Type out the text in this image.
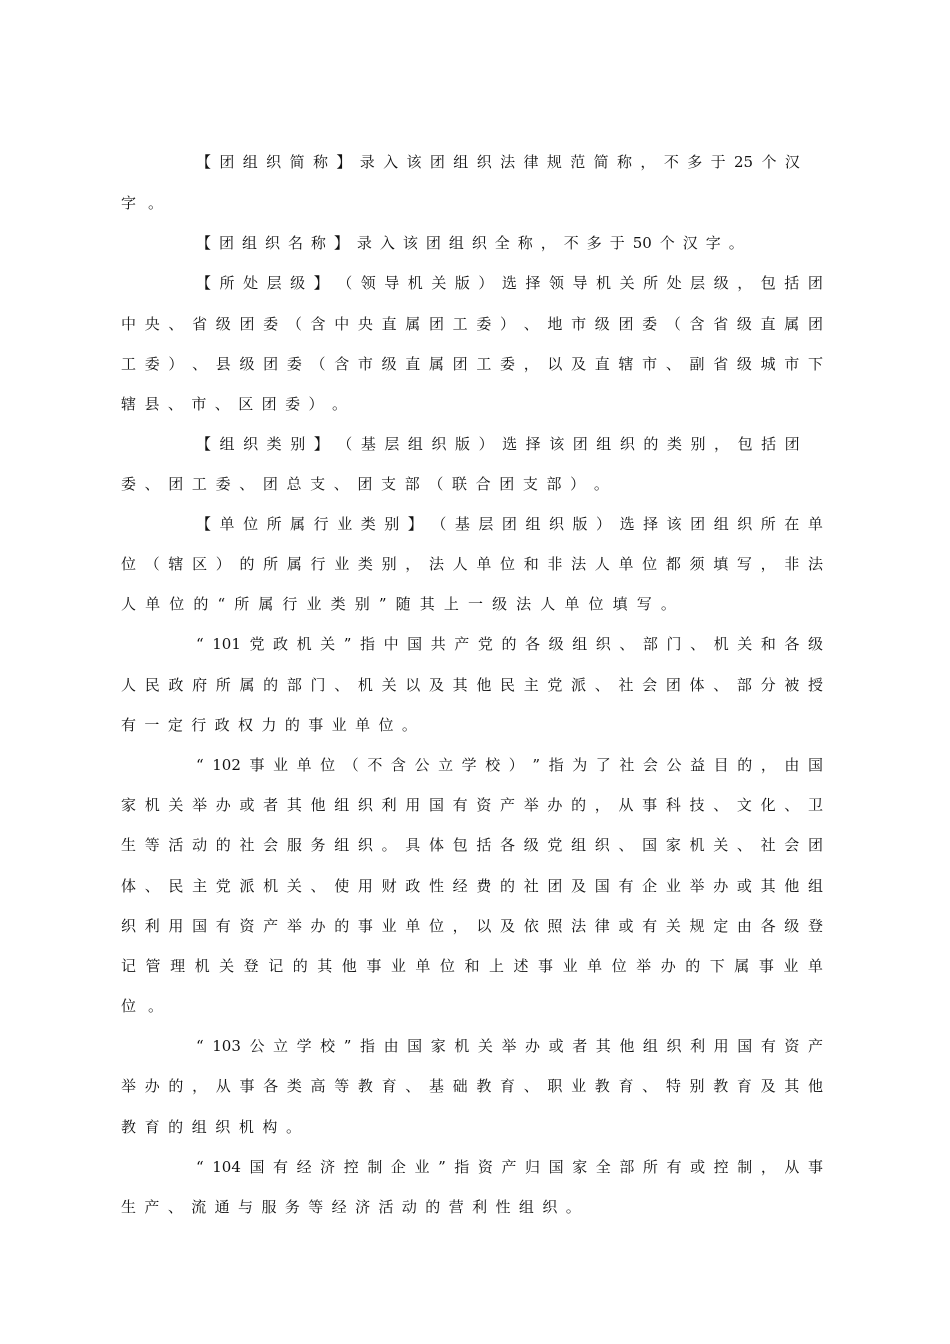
【 团 组 织 简 称 】 录 入 该 团 组 织 法 律 规 范 简 称 ， 不 多 于 25 个 汉
字。
【 团 组 织 名 称 】 录 入 该 团 组 织 全 称 ， 不 多 于 50 个 汉 字 。
【 所 处 层 级 】 （ 领 导 机 关 版 ） 选 择 领 导 机 关 所 处 层 级 ， 包 括 团
中 央 、 省 级 团 委 （ 含 中 央 直 属 团 工 委 ） 、 地 市 级 团 委 （ 含 省 级 直 属 团
工 委 ） 、 县 级 团 委 （ 含 市 级 直 属 团 工 委 ， 以 及 直 辖 市 、 副 省 级 城 市 下
辖 县 、 市 、 区 团 委 ） 。
【 组 织 类 别 】 （ 基 层 组 织 版 ） 选 择 该 团 组 织 的 类 别 ， 包 括 团
委 、 团 工 委 、 团 总 支 、 团 支 部 （ 联 合 团 支 部 ） 。
【 单 位 所 属 行 业 类 别 】 （ 基 层 团 组 织 版 ） 选 择 该 团 组 织 所 在 单
位 （ 辖 区 ） 的 所 属 行 业 类 别 ， 法 人 单 位 和 非 法 人 单 位 都 须 填 写 ， 非 法
人 单 位 的 “ 所 属 行 业 类 别 ” 随 其 上 一 级 法 人 单 位 填 写 。
“ 101 党 政 机 关 ” 指 中 国 共 产 党 的 各 级 组 织 、 部 门 、 机 关 和 各 级
人 民 政 府 所 属 的 部 门 、 机 关 以 及 其 他 民 主 党 派 、 社 会 团 体 、 部 分 被 授
有 一 定 行 政 权 力 的 事 业 单 位 。
“ 102 事 业 单 位 （ 不 含 公 立 学 校 ） ” 指 为 了 社 会 公 益 目 的 ， 由 国
家 机 关 举 办 或 者 其 他 组 织 利 用 国 有 资 产 举 办 的 ， 从 事 科 技 、 文 化 、 卫
生 等 活 动 的 社 会 服 务 组 织 。 具 体 包 括 各 级 党 组 织 、 国 家 机 关 、 社 会 团
体 、 民 主 党 派 机 关 、 使 用 财 政 性 经 费 的 社 团 及 国 有 企 业 举 办 或 其 他 组
织 利 用 国 有 资 产 举 办 的 事 业 单 位 ， 以 及 依 照 法 律 或 有 关 规 定 由 各 级 登
记 管 理 机 关 登 记 的 其 他 事 业 单 位 和 上 述 事 业 单 位 举 办 的 下 属 事 业 单
位。
“ 103 公 立 学 校 ” 指 由 国 家 机 关 举 办 或 者 其 他 组 织 利 用 国 有 资 产
举 办 的 ， 从 事 各 类 高 等 教 育 、 基 础 教 育 、 职 业 教 育 、 特 别 教 育 及 其 他
教 育 的 组 织 机 构 。
“ 104 国 有 经 济 控 制 企 业 ” 指 资 产 归 国 家 全 部 所 有 或 控 制 ， 从 事
生 产 、 流 通 与 服 务 等 经 济 活 动 的 营 利 性 组 织 。
